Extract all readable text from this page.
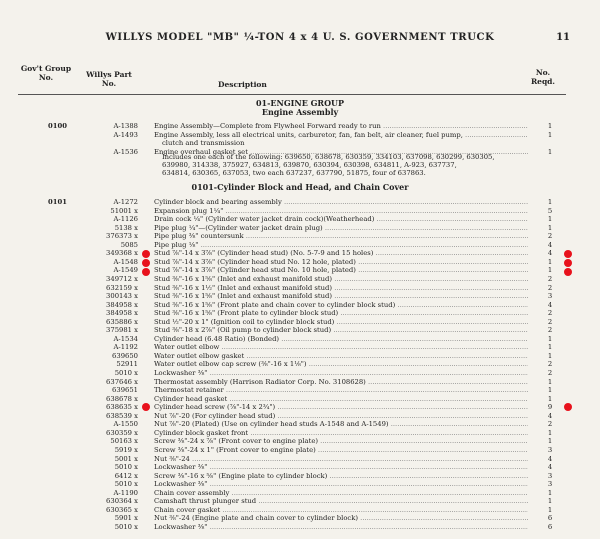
WILLYS MODEL "MB" ¼-TON 4 x 4 U. S. GOVERNMENT TRUCK	11
Gov't Group No.	Willys Part No.	Description
No. Reqd.
01-ENGINE GROUP
Engine Assembly
0100	A-1388 Engine Assembly—Complete from Flywheel Forward ready to run .....	1
A-1493 Engine Assembly, less all electrical units, carburetor, fan, fan belt, air cleaner, fuel pump, .....	1
clutch and transmission
A-1536 Engine overhaul gasket set .....	1
Includes one each of the following: 639650, 638678, 630359, 334103, 637098, 630299, 630305,
639980, 314338, 375927, 634813, 639870, 630394, 630398, 634811, A-923, 637737,
634814, 630365, 637053, two each 637237, 637790, 51875, four of 637863.
0101-Cylinder Block and Head, and Chain Cover
0101	A-1272 Cylinder block and bearing assembly .....	1
51001 x Expansion plug 1¼" .....	5
A-1126 Drain cock ¼" (Cylinder water jacket drain cock)(Weatherhead) .....	1
5138 x Pipe plug ¼"—(Cylinder water jacket drain plug) .....	1
376373 x Pipe plug ⅜" countersunk .....	2
5085 Pipe plug ⅛" .....	4
349368 x Stud ⅞"-14 x 3⅞" (Cylinder head stud) (No. 5-7-9 and 15 holes) .....	4
A-1548 Stud ⅞"-14 x 3⅞" (Cylinder head stud No. 12 hole, plated) .....	1
A-1549 Stud ⅞"-14 x 3⅞" (Cylinder head stud No. 10 hole, plated) .....	1
349712 x Stud ⅜"-16 x 1⅝" (Inlet and exhaust manifold stud) .....	2
632159 x Stud ⅜"-16 x 1½" (Inlet and exhaust manifold stud) .....	2
300143 x Stud ⅜"-16 x 1⅝" (Inlet and exhaust manifold stud) .....	3
384958 x Stud ⅜"-16 x 1⅝" (Front plate and chain cover to cylinder block stud) .....	4
384958 x Stud ⅜"-16 x 1⅝" (Front plate to cylinder block stud) .....	2
635886 x Stud ½"-20 x 1" (Ignition coil to cylinder block stud) .....	2
375981 x Stud ⅜"-18 x 2⅞" (Oil pump to cylinder block stud) .....	2
A-1534 Cylinder head (6.48 Ratio) (Bonded) .....	1
A-1192 Water outlet elbow .....	1
639650 Water outlet elbow gasket .....	1
52911 Water outlet elbow cap screw (⅜"-16 x 1⅛") .....	2
5010 x Lockwasher ⅜" .....	2
637646 x Thermostat assembly (Harrison Radiator Corp. No. 3108628) .....	1
639651 Thermostat retainer .....	1
638678 x Cylinder head gasket .....	1
638635 x Cylinder head screw (⅞"-14 x 2¾") .....	9
638539 x Nut ⅞"-20 (For cylinder head stud) .....	4
A-1550 Nut ⅞"-20 (Plated) (Use on cylinder head studs A-1548 and A-1549) .....	2
630359 x Cylinder block gasket front .....	1
50163 x Screw ⅜"-24 x ⅞" (Front cover to engine plate) .....	1
5919 x Screw ⅜"-24 x 1" (Front cover to engine plate) .....	3
5001 x Nut ⅜"-24 .....	4
5010 x Lockwasher ⅜" .....	4
6412 x Screw ⅜"-16 x ⅝" (Engine plate to cylinder block) .....	3
5010 x Lockwasher ⅜" .....	3
A-1190 Chain cover assembly .....	1
630364 x Camshaft thrust plunger stud .....	1
630365 x Chain cover gasket .....	1
5901 x Nut ⅜"-24 (Engine plate and chain cover to cylinder block) .....	6
5010 x Lockwasher ⅜" .....	6
